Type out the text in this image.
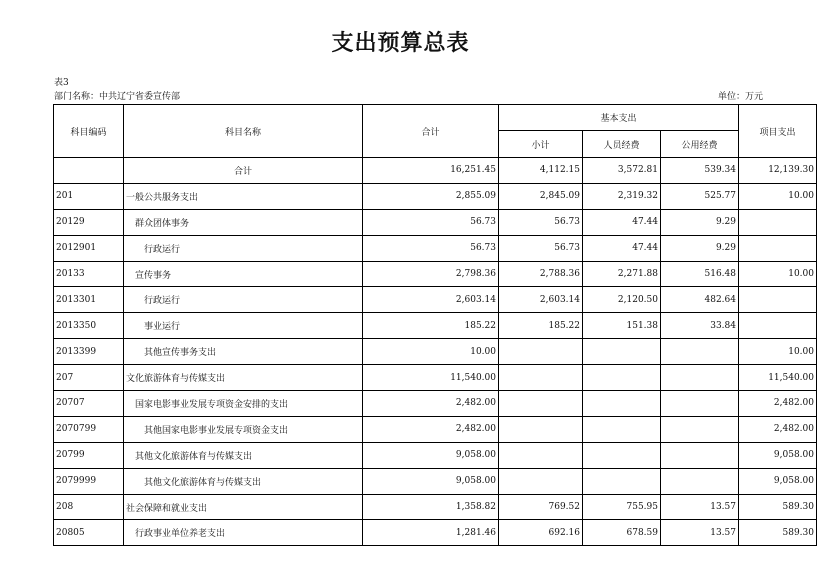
支出预算总表
表3
部门名称：中共辽宁省委宣传部	单位：万元
科目编码	科目名称	合计	基本支出			项目支出
			小计	人员经费	公用经费	
	合计	16,251.45	4,112.15	3,572.81	539.34	12,139.30
201	一般公共服务支出	2,855.09	2,845.09	2,319.32	525.77	10.00
20129	群众团体事务	56.73	56.73	47.44	9.29	
2012901	行政运行	56.73	56.73	47.44	9.29	
20133	宣传事务	2,798.36	2,788.36	2,271.88	516.48	10.00
2013301	行政运行	2,603.14	2,603.14	2,120.50	482.64	
2013350	事业运行	185.22	185.22	151.38	33.84	
2013399	其他宣传事务支出	10.00				10.00
207	文化旅游体育与传媒支出	11,540.00				11,540.00
20707	国家电影事业发展专项资金安排的支出	2,482.00				2,482.00
2070799	其他国家电影事业发展专项资金支出	2,482.00				2,482.00
20799	其他文化旅游体育与传媒支出	9,058.00				9,058.00
2079999	其他文化旅游体育与传媒支出	9,058.00				9,058.00
208	社会保障和就业支出	1,358.82	769.52	755.95	13.57	589.30
20805	行政事业单位养老支出	1,281.46	692.16	678.59	13.57	589.30
